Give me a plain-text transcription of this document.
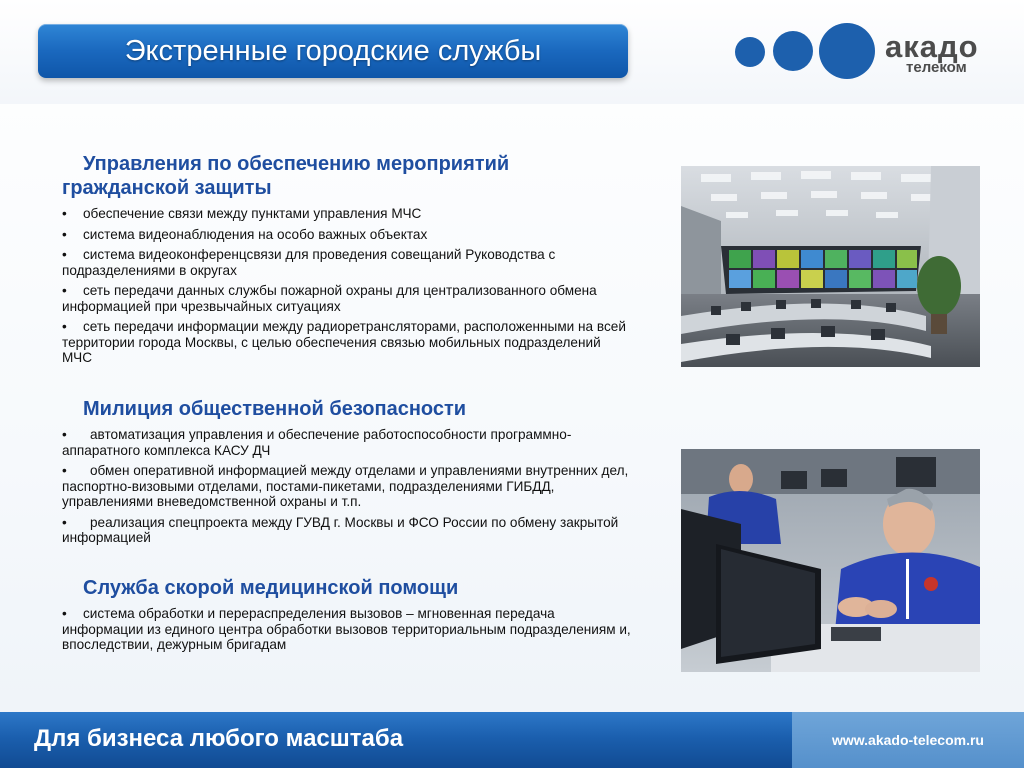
Экстренные городские службы	акадо
телеком
Управления по обеспечению мероприятий гражданской защиты
• обеспечение связи между пунктами управления МЧС
• система видеонаблюдения на особо важных объектах
• система видеоконференцсвязи для проведения совещаний Руководства с подразделениями в округах
• сеть передачи данных службы пожарной охраны для централизованного обмена информацией при чрезвычайных ситуациях
• сеть передачи информации между радиоретрансляторами, расположенными на всей территории города Москвы, с целью обеспечения связью мобильных подразделений МЧС
Милиция общественной безопасности
• автоматизация управления и обеспечение работоспособности программно-аппаратного комплекса КАСУ ДЧ
• обмен оперативной информацией между отделами и управлениями внутренних дел, паспортно-визовыми отделами, постами-пикетами, подразделениями ГИБДД, управлениями вневедомственной охраны и т.п.
• реализация спецпроекта между ГУВД г. Москвы и ФСО России по обмену закрытой информацией
Служба скорой медицинской помощи
• система обработки и перераспределения вызовов – мгновенная передача информации из единого центра обработки вызовов территориальным подразделениям и, впоследствии, дежурным бригадам
Для бизнеса любого масштаба	www.akado-telecom.ru
